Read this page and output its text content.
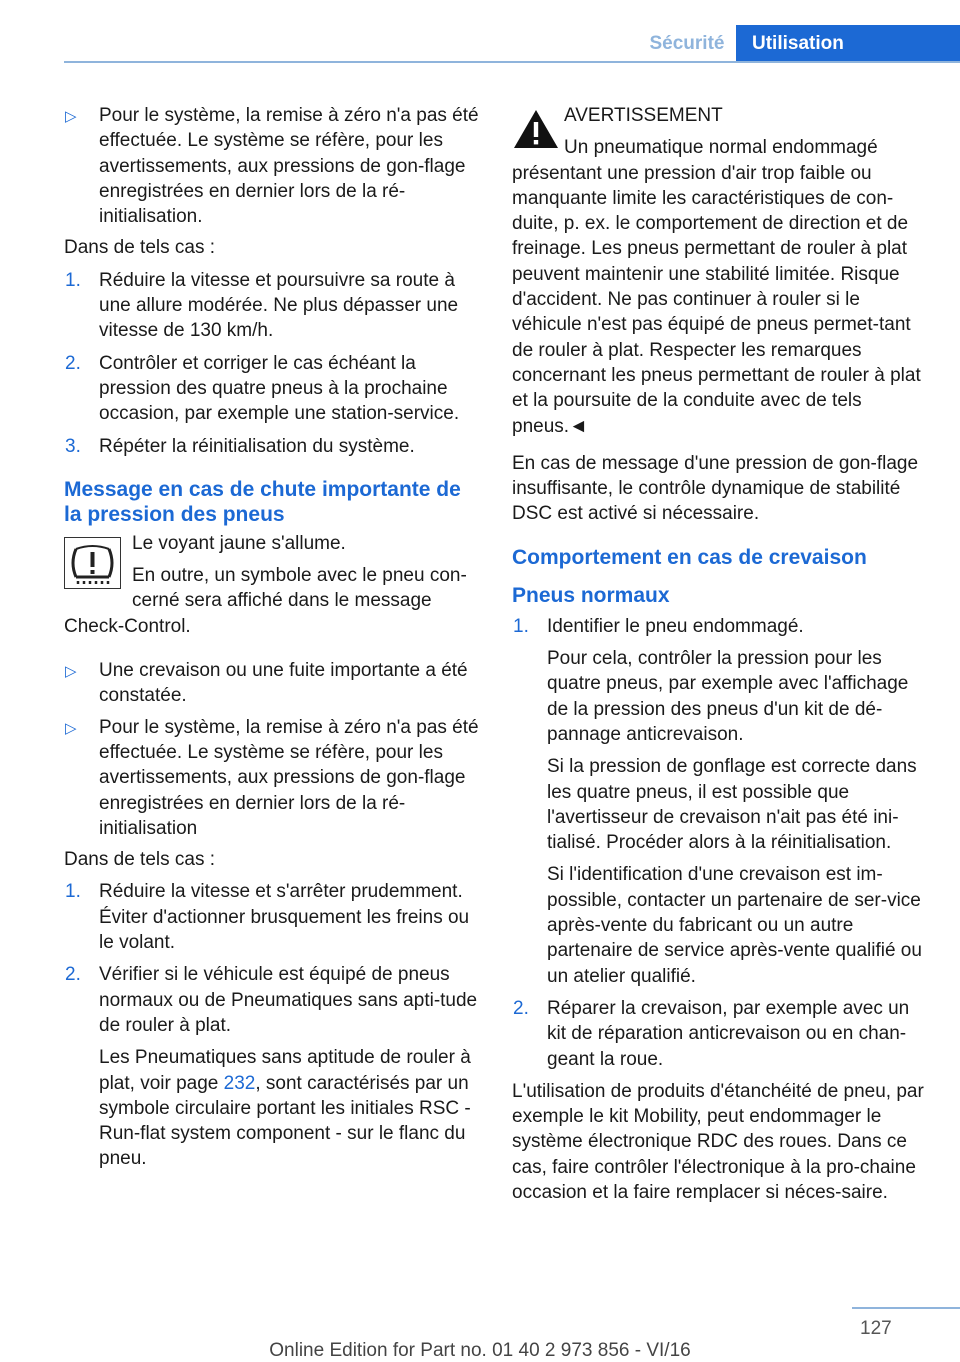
Sécurité	Utilisation
▷ Pour le système, la remise à zéro n'a pas été effectuée. Le système se réfère, pour les avertissements, aux pressions de gon-flage enregistrées en dernier lors de la ré-initialisation.

Dans de tels cas :

1. Réduire la vitesse et poursuivre sa route à une allure modérée. Ne plus dépasser une vitesse de 130 km/h.
2. Contrôler et corriger le cas échéant la pression des quatre pneus à la prochaine occasion, par exemple une station-service.
3. Répéter la réinitialisation du système.
Message en cas de chute importante de la pression des pneus

Le voyant jaune s'allume.

En outre, un symbole avec le pneu con-cerné sera affiché dans le message Check-Control.

▷ Une crevaison ou une fuite importante a été constatée.
▷ Pour le système, la remise à zéro n'a pas été effectuée. Le système se réfère, pour les avertissements, aux pressions de gon-flage enregistrées en dernier lors de la ré-initialisation

Dans de tels cas :

1. Réduire la vitesse et s'arrêter prudemment. Éviter d'actionner brusquement les freins ou le volant.
2. Vérifier si le véhicule est équipé de pneus normaux ou de Pneumatiques sans apti-tude de rouler à plat.

Les Pneumatiques sans aptitude de rouler à plat, voir page 232, sont caractérisés par un symbole circulaire portant les initiales RSC - Run-flat system component - sur le flanc du pneu.

AVERTISSEMENT

Un pneumatique normal endommagé présentant une pression d'air trop faible ou manquante limite les caractéristiques de con-duite, p. ex. le comportement de direction et de freinage. Les pneus permettant de rouler à plat peuvent maintenir une stabilité limitée. Risque d'accident. Ne pas continuer à rouler si le véhicule n'est pas équipé de pneus permet-tant de rouler à plat. Respecter les remarques concernant les pneus permettant de rouler à plat et la poursuite de la conduite avec de tels pneus.◄

En cas de message d'une pression de gon-flage insuffisante, le contrôle dynamique de stabilité DSC est activé si nécessaire.

Comportement en cas de crevaison
Pneus normaux
1. Identifier le pneu endommagé.

Pour cela, contrôler la pression pour les quatre pneus, par exemple avec l'affichage de la pression des pneus d'un kit de dé-pannage anticrevaison.

Si la pression de gonflage est correcte dans les quatre pneus, il est possible que l'avertisseur de crevaison n'ait pas été ini-tialisé. Procéder alors à la réinitialisation.

Si l'identification d'une crevaison est im-possible, contacter un partenaire de ser-vice après-vente du fabricant ou un autre partenaire de service après-vente qualifié ou un atelier qualifié.

2. Réparer la crevaison, par exemple avec un kit de réparation anticrevaison ou en chan-geant la roue.

L'utilisation de produits d'étanchéité de pneu, par exemple le kit Mobility, peut endommager le système électronique RDC des roues. Dans ce cas, faire contrôler l'électronique à la pro-chaine occasion et la faire remplacer si néces-saire.

127
Online Edition for Part no. 01 40 2 973 856 - VI/16
